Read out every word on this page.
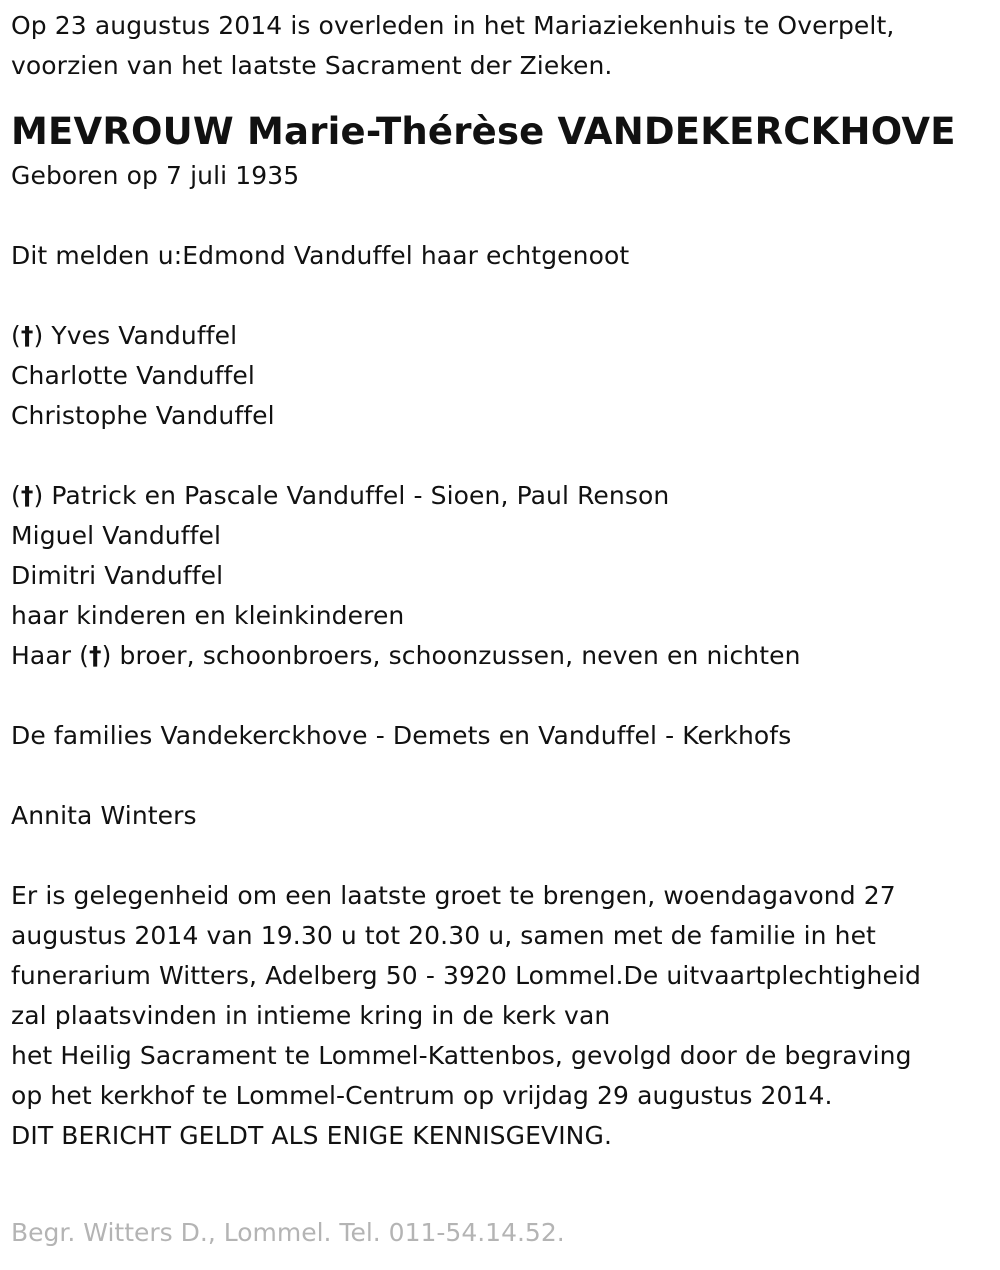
Op 23 augustus 2014 is overleden in het Mariaziekenhuis te Overpelt,
voorzien van het laatste Sacrament der Zieken.
MEVROUW Marie-Thérèse VANDEKERCKHOVE
Geboren op 7 juli 1935
Dit melden u:Edmond Vanduffel haar echtgenoot
(†) Yves Vanduffel
Charlotte Vanduffel
Christophe Vanduffel
(†) Patrick en Pascale Vanduffel - Sioen, Paul Renson
Miguel Vanduffel
Dimitri Vanduffel
haar kinderen en kleinkinderen
Haar (†) broer, schoonbroers, schoonzussen, neven en nichten
De families Vandekerckhove - Demets en Vanduffel - Kerkhofs
Annita Winters
Er is gelegenheid om een laatste groet te brengen, woendagavond 27
augustus 2014 van 19.30 u tot 20.30 u, samen met de familie in het
funerarium Witters, Adelberg 50 - 3920 Lommel.De uitvaartplechtigheid
zal plaatsvinden in intieme kring in de kerk van
het Heilig Sacrament te Lommel-Kattenbos, gevolgd door de begraving
op het kerkhof te Lommel-Centrum op vrijdag 29 augustus 2014.
DIT BERICHT GELDT ALS ENIGE KENNISGEVING.
Begr. Witters D., Lommel. Tel. 011-54.14.52.
